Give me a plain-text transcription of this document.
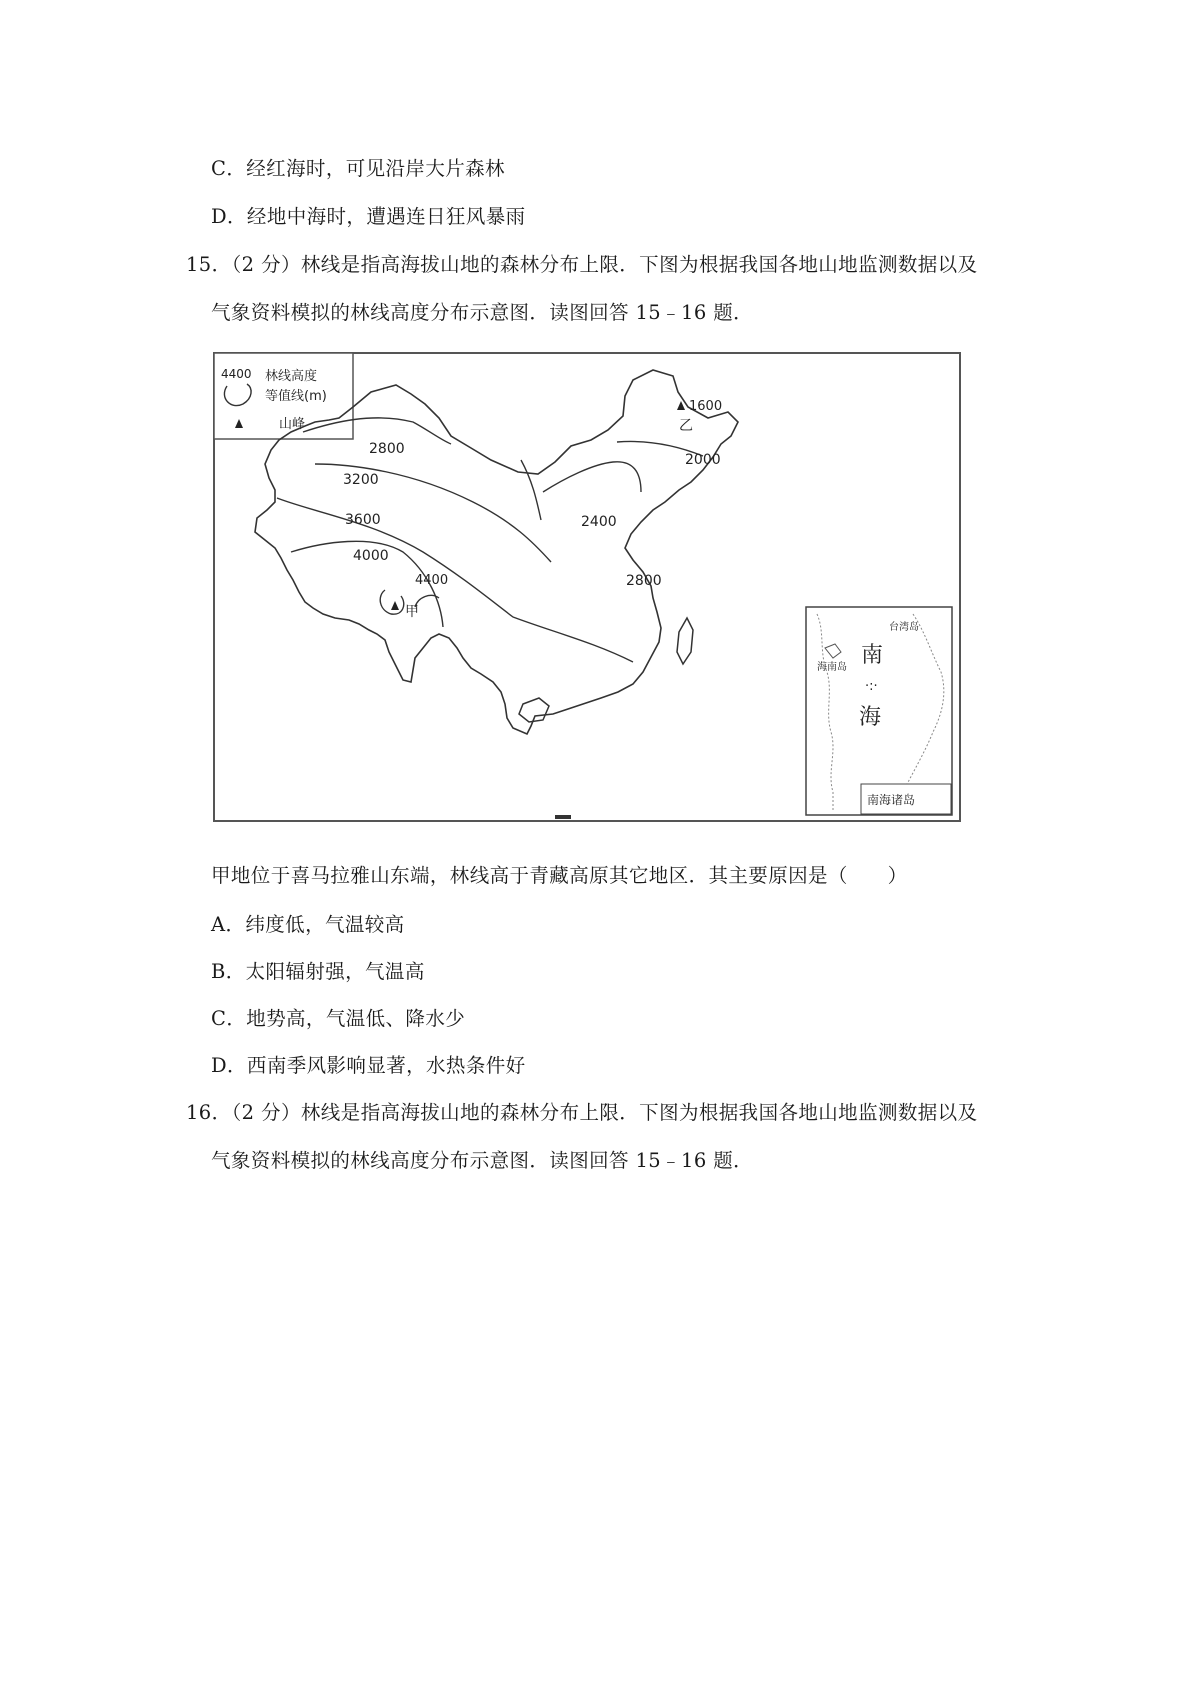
C．经红海时，可见沿岸大片森林
D．经地中海时，遭遇连日狂风暴雨
15．（2 分）林线是指高海拔山地的森林分布上限．下图为根据我国各地山地监测数据以及
气象资料模拟的林线高度分布示意图．读图回答 15﹣16 题．
4400 林线高度
等值线(m)
山峰
2800
3200
3600
4000
2400
2000
2800
4400
甲
1600
乙
台湾岛
海南岛 南
·:·
海
南海诸岛
甲地位于喜马拉雅山东端，林线高于青藏高原其它地区．其主要原因是（　　）
A．纬度低，气温较高
B．太阳辐射强，气温高
C．地势高，气温低、降水少
D．西南季风影响显著，水热条件好
16．（2 分）林线是指高海拔山地的森林分布上限．下图为根据我国各地山地监测数据以及
气象资料模拟的林线高度分布示意图．读图回答 15﹣16 题．
